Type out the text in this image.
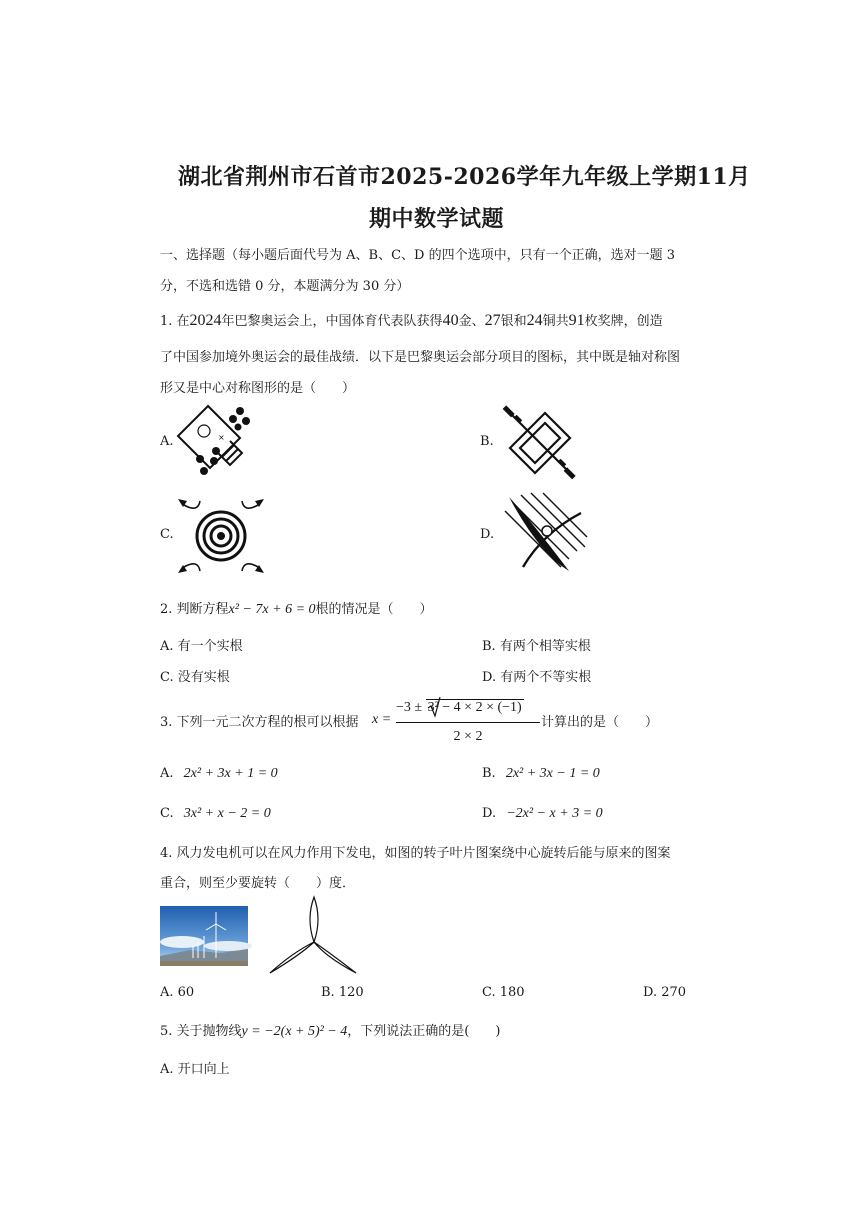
湖北省荆州市石首市2025-2026学年九年级上学期11月
期中数学试题
一、选择题（每小题后面代号为 A、B、C、D 的四个选项中，只有一个正确，选对一题 3
分，不选和选错 0 分，本题满分为 30 分）
1. 在2024年巴黎奥运会上，中国体育代表队获得40金、27银和24铜共91枚奖牌，创造
了中国参加境外奥运会的最佳战绩．以下是巴黎奥运会部分项目的图标，其中既是轴对称图
形又是中心对称图形的是（　　）
A.	B.
C.	D.
×
2. 判断方程x² − 7x + 6 = 0根的情况是（　　）
A. 有一个实根	B. 有两个相等实根
C. 没有实根	D. 有两个不等实根
3. 下列一元二次方程的根可以根据 x =
−3 ± 3² − 4 × 2 × (−1)
2 × 2
计算出的是（　　）
A. 2x² + 3x + 1 = 0	B. 2x² + 3x − 1 = 0
C. 3x² + x − 2 = 0	D. −2x² − x + 3 = 0
4. 风力发电机可以在风力作用下发电，如图的转子叶片图案绕中心旋转后能与原来的图案
重合，则至少要旋转（　　）度．
A. 60	B. 120	C. 180	D. 270
5. 关于抛物线y = −2(x + 5)² − 4，下列说法正确的是(　　)
A. 开口向上
